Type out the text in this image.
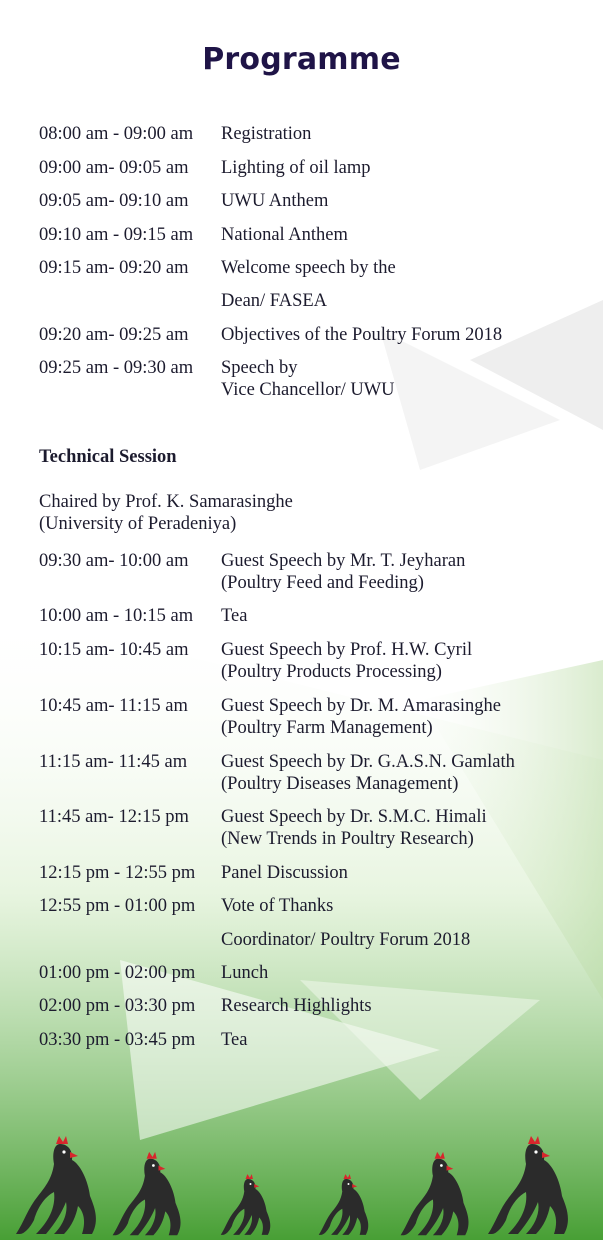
Programme
08:00 am - 09:00 am Registration
09:00 am- 09:05 am Lighting of oil lamp
09:05 am- 09:10 am UWU Anthem
09:10 am - 09:15 am National Anthem
09:15 am- 09:20 am Welcome speech by the
Dean/ FASEA
09:20 am- 09:25 am Objectives of the Poultry Forum 2018
09:25 am - 09:30 am Speech by
Vice Chancellor/ UWU
Technical Session
Chaired by Prof. K. Samarasinghe
(University of Peradeniya)
09:30 am- 10:00 am Guest Speech by Mr. T. Jeyharan
(Poultry Feed and Feeding)
10:00 am - 10:15 am Tea
10:15 am- 10:45 am Guest Speech by Prof. H.W. Cyril
(Poultry Products Processing)
10:45 am- 11:15 am Guest Speech by Dr. M. Amarasinghe
(Poultry Farm Management)
11:15 am- 11:45 am Guest Speech by Dr. G.A.S.N. Gamlath
(Poultry Diseases Management)
11:45 am- 12:15 pm Guest Speech by Dr. S.M.C. Himali
(New Trends in Poultry Research)
12:15 pm - 12:55 pm Panel Discussion
12:55 pm - 01:00 pm Vote of Thanks
Coordinator/ Poultry Forum 2018
01:00 pm - 02:00 pm Lunch
02:00 pm - 03:30 pm Research Highlights
03:30 pm - 03:45 pm Tea
